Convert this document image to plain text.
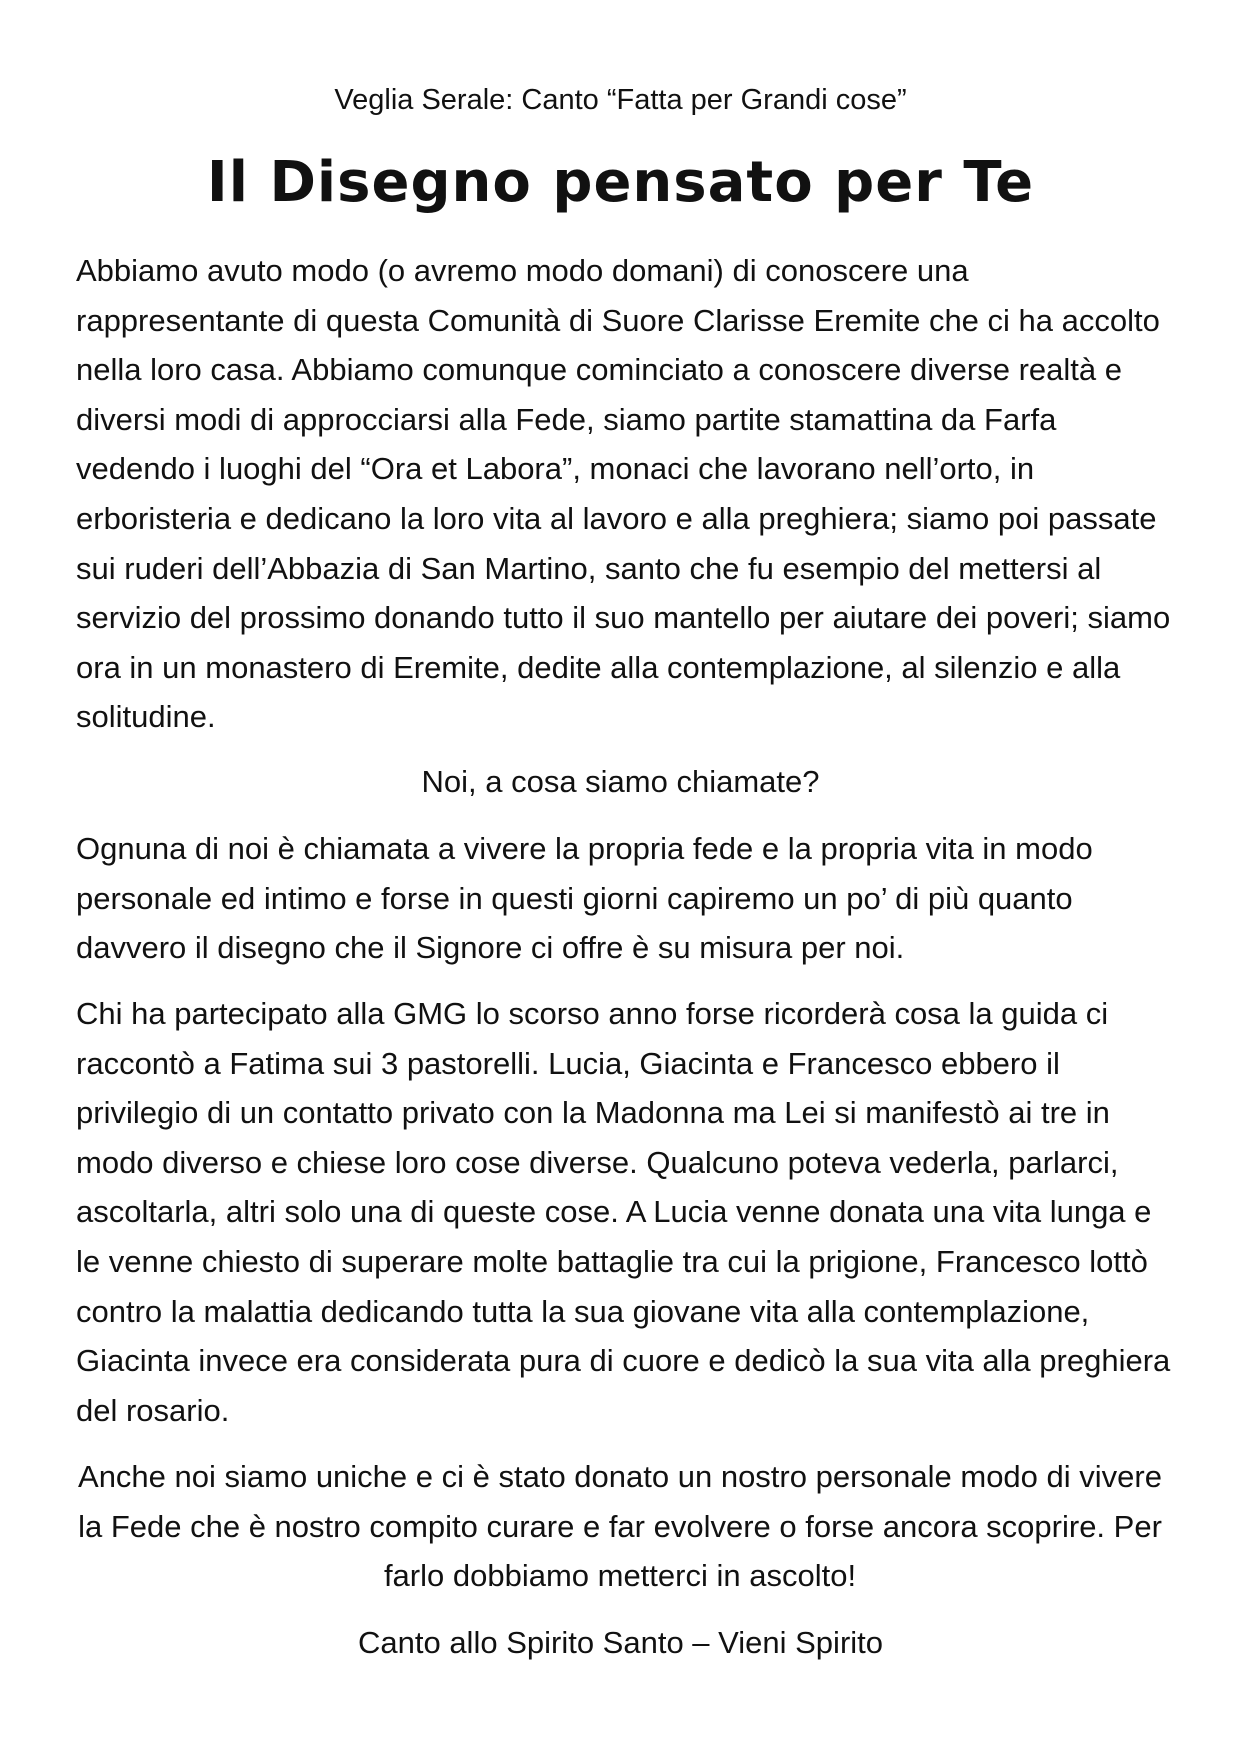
Veglia Serale: Canto “Fatta per Grandi cose”
Il Disegno pensato per Te

Abbiamo avuto modo (o avremo modo domani) di conoscere una rappresentante di questa Comunità di Suore Clarisse Eremite che ci ha accolto nella loro casa. Abbiamo comunque cominciato a conoscere diverse realtà e diversi modi di approcciarsi alla Fede, siamo partite stamattina da Farfa vedendo i luoghi del “Ora et Labora”, monaci che lavorano nell’orto, in erboristeria e dedicano la loro vita al lavoro e alla preghiera; siamo poi passate sui ruderi dell’Abbazia di San Martino, santo che fu esempio del mettersi al servizio del prossimo donando tutto il suo mantello per aiutare dei poveri; siamo ora in un monastero di Eremite, dedite alla contemplazione, al silenzio e alla solitudine.

Noi, a cosa siamo chiamate?

Ognuna di noi è chiamata a vivere la propria fede e la propria vita in modo personale ed intimo e forse in questi giorni capiremo un po’ di più quanto davvero il disegno che il Signore ci offre è su misura per noi.

Chi ha partecipato alla GMG lo scorso anno forse ricorderà cosa la guida ci raccontò a Fatima sui 3 pastorelli. Lucia, Giacinta e Francesco ebbero il privilegio di un contatto privato con la Madonna ma Lei si manifestò ai tre in modo diverso e chiese loro cose diverse. Qualcuno poteva vederla, parlarci, ascoltarla, altri solo una di queste cose. A Lucia venne donata una vita lunga e le venne chiesto di superare molte battaglie tra cui la prigione, Francesco lottò contro la malattia dedicando tutta la sua giovane vita alla contemplazione, Giacinta invece era considerata pura di cuore e dedicò la sua vita alla preghiera del rosario.

Anche noi siamo uniche e ci è stato donato un nostro personale modo di vivere la Fede che è nostro compito curare e far evolvere o forse ancora scoprire. Per farlo dobbiamo metterci in ascolto!

Canto allo Spirito Santo – Vieni Spirito
